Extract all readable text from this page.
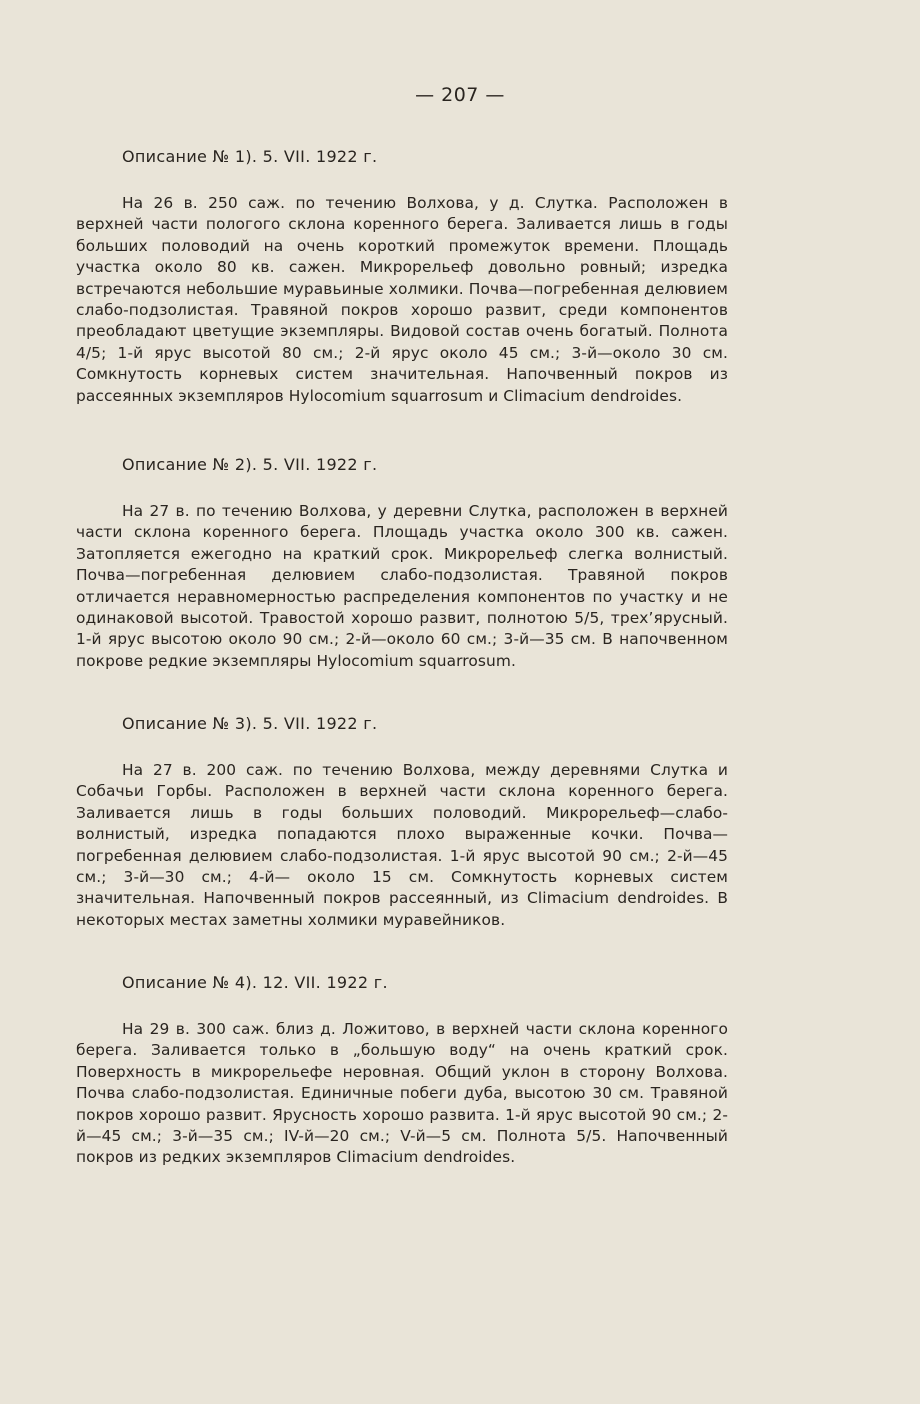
— 207 —
Описание № 1). 5. VII. 1922 г.

На 26 в. 250 саж. по течению Волхова, у д. Слутка. Расположен в верхней части пологого склона коренного берега. Заливается лишь в годы больших половодий на очень короткий промежуток времени. Площадь участка около 80 кв. сажен. Микрорельеф довольно ровный; изредка встречаются небольшие муравьиные холмики. Почва—погребенная делювием слабо-подзолистая. Травяной покров хорошо развит, среди компонентов преобладают цветущие экземпляры. Видовой состав очень богатый. Полнота 4/5; 1-й ярус высотой 80 см.; 2-й ярус около 45 см.; 3-й—около 30 см. Сомкнутость корневых систем значительная. Напочвенный покров из рассеянных экземпляров Hylocomium squarrosum и Climacium dendroides.

Описание № 2). 5. VII. 1922 г.

На 27 в. по течению Волхова, у деревни Слутка, расположен в верхней части склона коренного берега. Площадь участка около 300 кв. сажен. Затопляется ежегодно на краткий срок. Микрорельеф слегка волнистый. Почва—погребенная делювием слабо-подзолистая. Травяной покров отличается неравномерностью распределения компонентов по участку и не одинаковой высотой. Травостой хорошо развит, полнотою 5/5, трех’ярусный. 1-й ярус высотою около 90 см.; 2-й—около 60 см.; 3-й—35 см. В напочвенном покрове редкие экземпляры Hylocomium squarrosum.

Описание № 3). 5. VII. 1922 г.

На 27 в. 200 саж. по течению Волхова, между деревнями Слутка и Собачьи Горбы. Расположен в верхней части склона коренного берега. Заливается лишь в годы больших половодий. Микрорельеф—слабо-волнистый, изредка попадаются плохо выраженные кочки. Почва—погребенная делювием слабо-подзолистая. 1-й ярус высотой 90 см.; 2-й—45 см.; 3-й—30 см.; 4-й— около 15 см. Сомкнутость корневых систем значительная. Напочвенный покров рассеянный, из Climacium dendroides. В некоторых местах заметны холмики муравейников.

Описание № 4). 12. VII. 1922 г.

На 29 в. 300 саж. близ д. Ложитово, в верхней части склона коренного берега. Заливается только в „большую воду“ на очень краткий срок. Поверхность в микрорельефе неровная. Общий уклон в сторону Волхова. Почва слабо-подзолистая. Единичные побеги дуба, высотою 30 см. Травяной покров хорошо развит. Ярусность хорошо развита. 1-й ярус высотой 90 см.; 2-й—45 см.; 3-й—35 см.; IV-й—20 см.; V-й—5 см. Полнота 5/5. Напочвенный покров из редких экземпляров Climacium dendroides.
